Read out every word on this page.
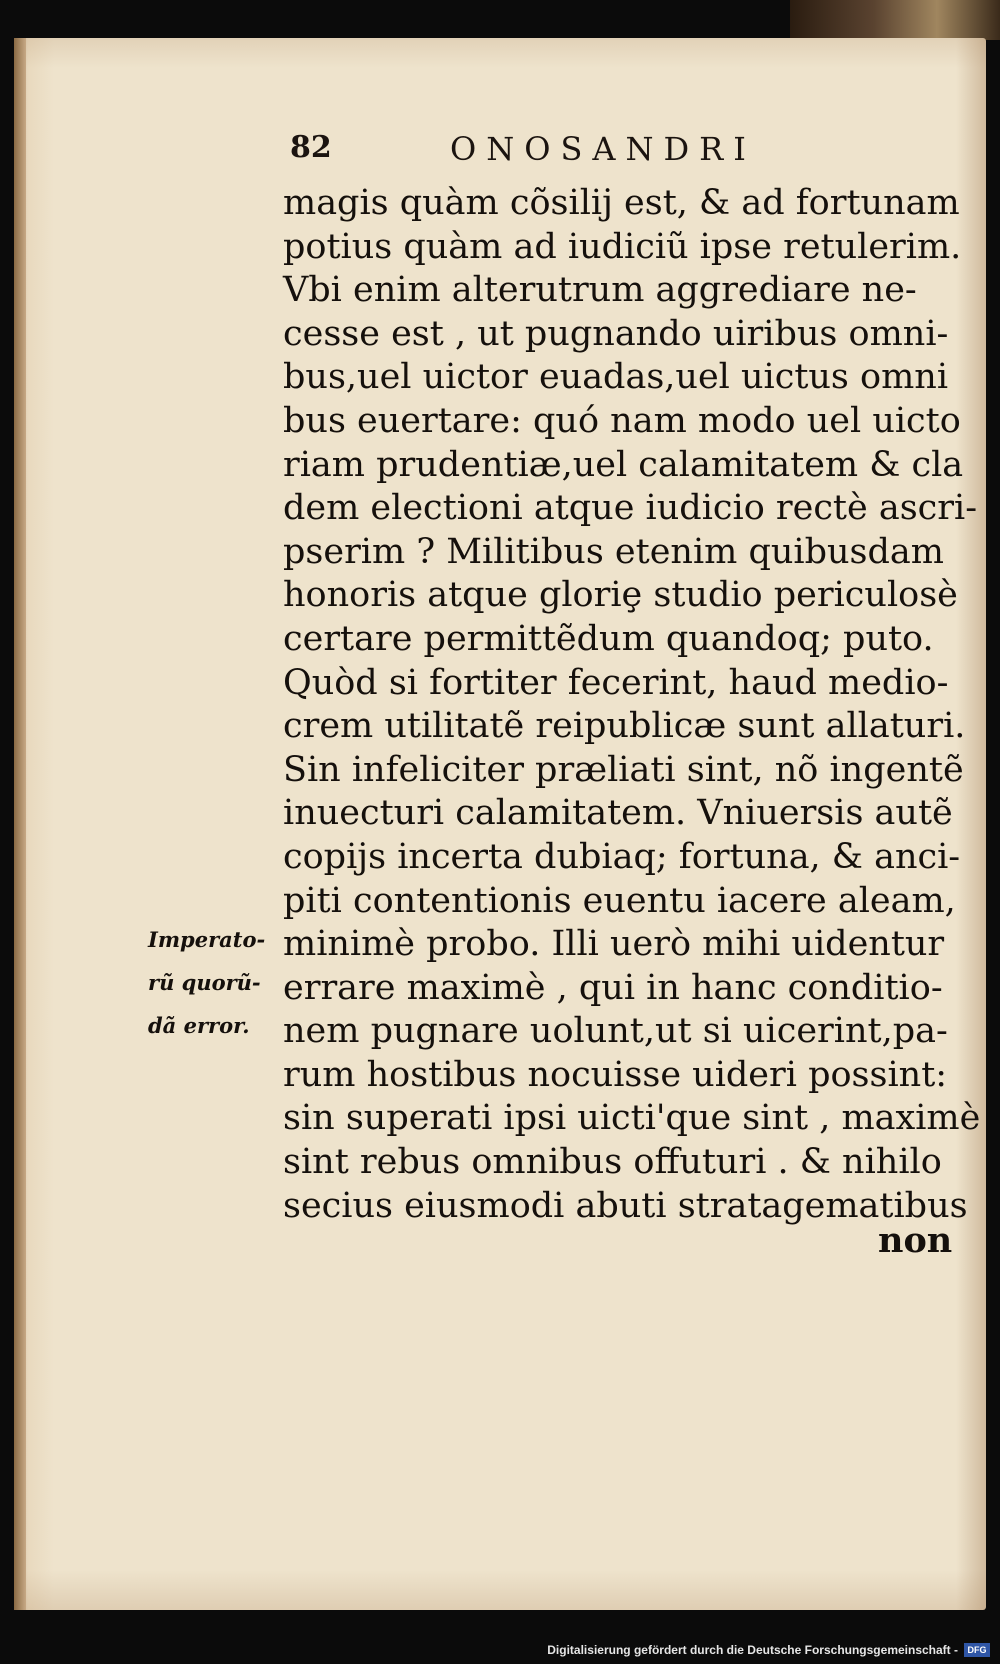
82	ONOSANDRI
magis quàm cõsilij est, & ad fortunam
potius quàm ad iudiciũ ipse retulerim.
Vbi enim alterutrum aggrediare ne-
cesse est , ut pugnando uiribus omni-
bus,uel uictor euadas,uel uictus omni
bus euertare: quó nam modo uel uicto
riam prudentiæ,uel calamitatem & cla
dem electioni atque iudicio rectè ascri-
pserim ? Militibus etenim quibusdam
honoris atque gloriȩ studio periculosè
certare permittẽdum quandoq; puto.
Quòd si fortiter fecerint, haud medio-
crem utilitatẽ reipublicæ sunt allaturi.
Sin infeliciter præliati sint, nõ ingentẽ
inuecturi calamitatem. Vniuersis autẽ
copijs incerta dubiaq; fortuna, & anci-
piti contentionis euentu iacere aleam,
minimè probo. Illi uerò mihi uidentur
errare maximè , qui in hanc conditio-
nem pugnare uolunt,ut si uicerint,pa-
rum hostibus nocuisse uideri possint:
sin superati ipsi uicti'que sint , maximè
sint rebus omnibus offuturi . & nihilo
secius eiusmodi abuti stratagematibus
non
Imperato-
rũ quorũ-
dã error.
Digitalisierung gefördert durch die Deutsche Forschungsgemeinschaft -	DFG
